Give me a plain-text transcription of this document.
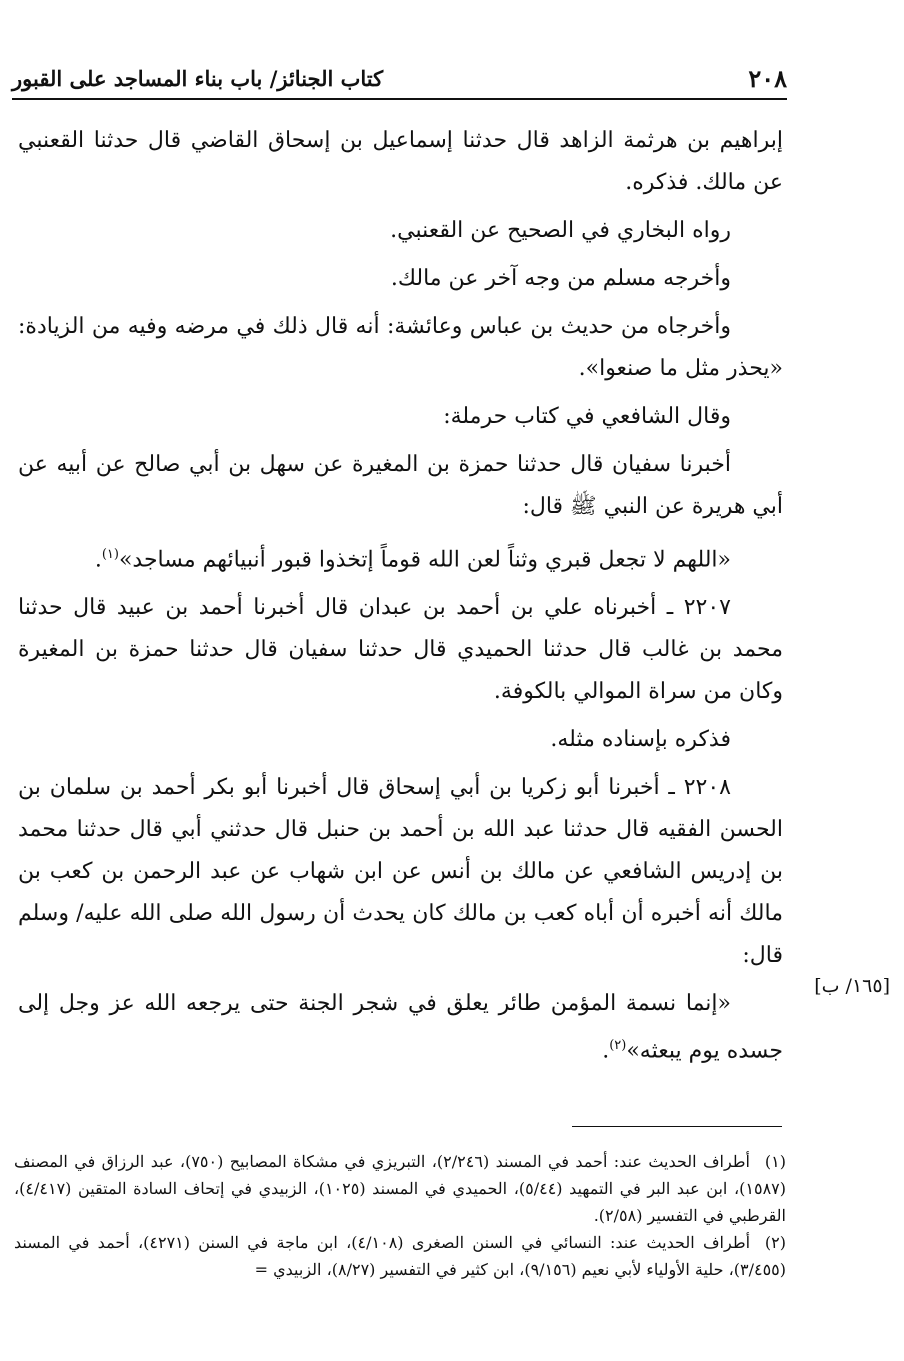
٢٠٨
كتاب الجنائز/ باب بناء المساجد على القبور

إبراهيم بن هرثمة الزاهد قال حدثنا إسماعيل بن إسحاق القاضي قال حدثنا القعنبي عن مالك. فذكره.

رواه البخاري في الصحيح عن القعنبي.

وأخرجه مسلم من وجه آخر عن مالك.

وأخرجاه من حديث بن عباس وعائشة: أنه قال ذلك في مرضه وفيه من الزيادة: «يحذر مثل ما صنعوا».

وقال الشافعي في كتاب حرملة:

أخبرنا سفيان قال حدثنا حمزة بن المغيرة عن سهل بن أبي صالح عن أبيه عن أبي هريرة عن النبي ﷺ قال:

«اللهم لا تجعل قبري وثناً لعن الله قوماً إتخذوا قبور أنبيائهم مساجد»$^{(١)}$.

٢٢٠٧ ـ أخبرناه علي بن أحمد بن عبدان قال أخبرنا أحمد بن عبيد قال حدثنا محمد بن غالب قال حدثنا الحميدي قال حدثنا سفيان قال حدثنا حمزة بن المغيرة وكان من سراة الموالي بالكوفة.

فذكره بإسناده مثله.

٢٢٠٨ ـ أخبرنا أبو زكريا بن أبي إسحاق قال أخبرنا أبو بكر أحمد بن سلمان بن الحسن الفقيه قال حدثنا عبد الله بن أحمد بن حنبل قال حدثني أبي قال حدثنا محمد بن إدريس الشافعي عن مالك بن أنس عن ابن شهاب عن عبد الرحمن بن كعب بن مالك أنه أخبره أن أباه كعب بن مالك كان يحدث أن رسول الله صلى الله عليه/ وسلم قال:

«إنما نسمة المؤمن طائر يعلق في شجر الجنة حتى يرجعه الله عز وجل إلى جسده يوم يبعثه»$^{(٢)}$.

[١٦٥/ ب]

(١)أطراف الحديث عند: أحمد في المسند (٢/٢٤٦)، التبريزي في مشكاة المصابيح (٧٥٠)، عبد الرزاق في المصنف (١٥٨٧)، ابن عبد البر في التمهيد (٥/٤٤)، الحميدي في المسند (١٠٢٥)، الزبيدي في إتحاف السادة المتقين (٤/٤١٧)، القرطبي في التفسير (٢/٥٨).

(٢)أطراف الحديث عند: النسائي في السنن الصغرى (٤/١٠٨)، ابن ماجة في السنن (٤٢٧١)، أحمد في المسند (٣/٤٥٥)، حلية الأولياء لأبي نعيم (٩/١٥٦)، ابن كثير في التفسير (٨/٢٧)، الزبيدي =
